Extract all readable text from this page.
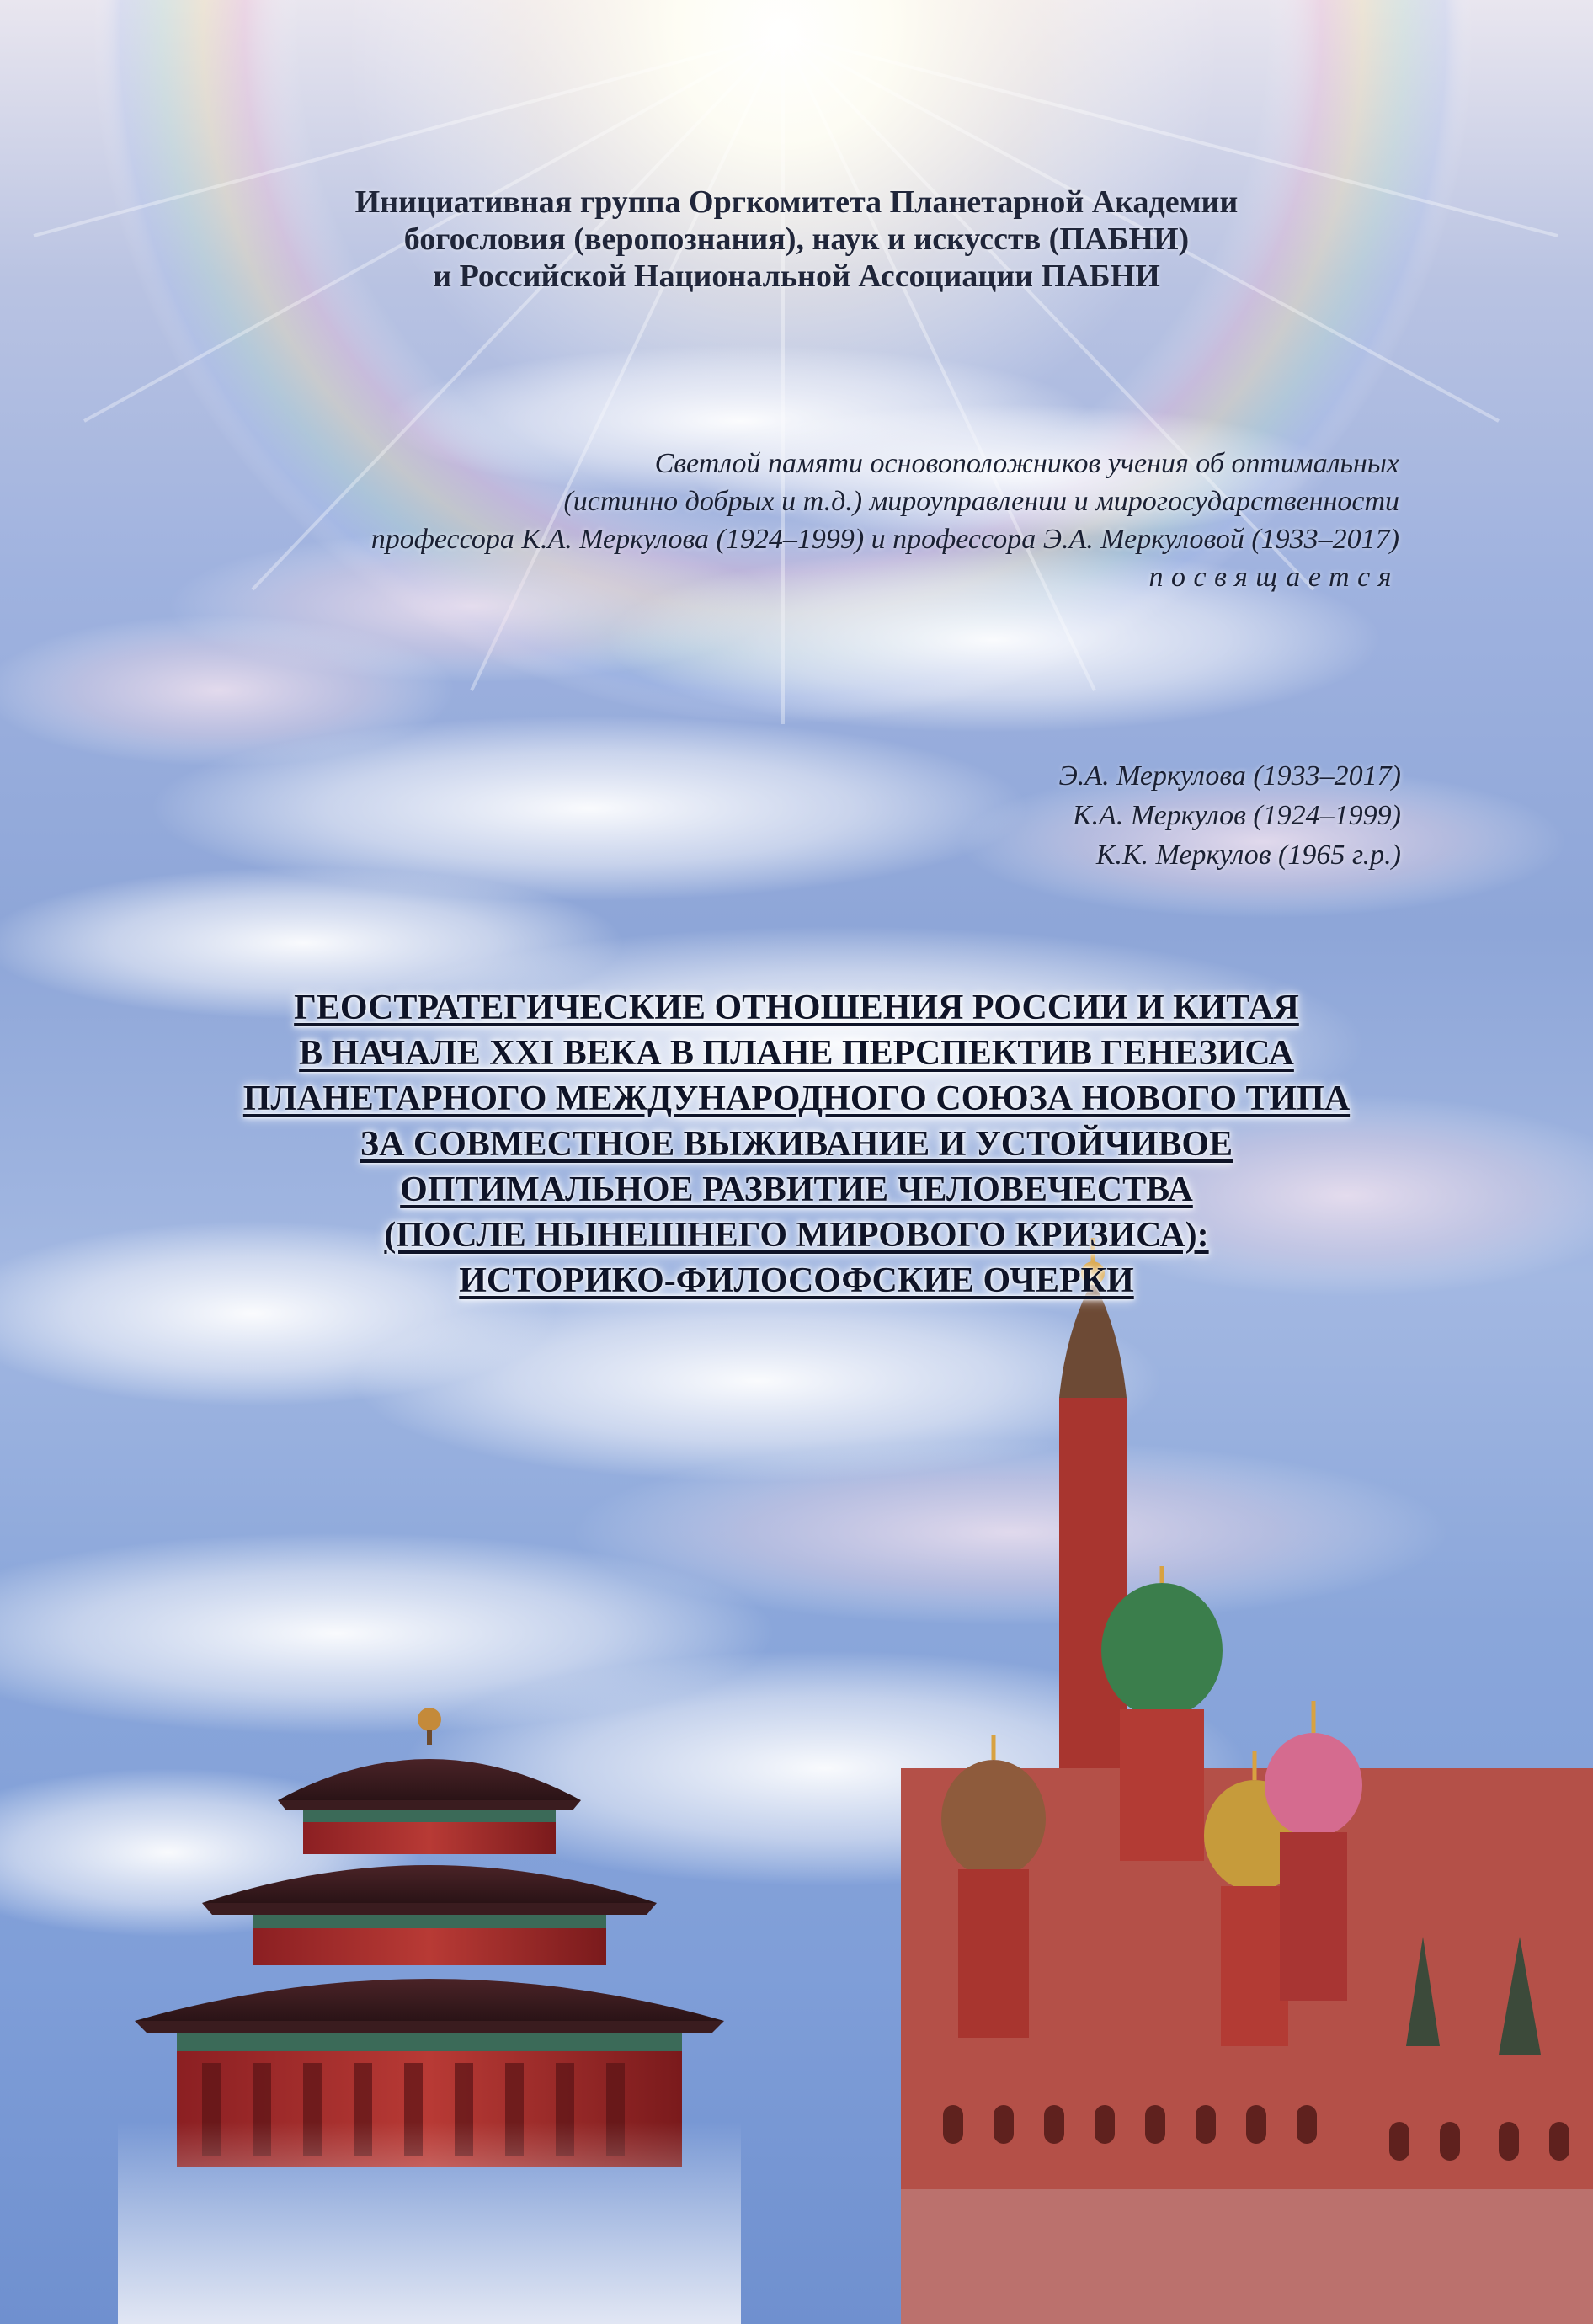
Инициативная группа Оргкомитета Планетарной Академии
богословия (веропознания), наук и искусств (ПАБНИ)
и Российской Национальной Ассоциации ПАБНИ
Светлой памяти основоположников учения об оптимальных
(истинно добрых и т.д.) мироуправлении и мирогосударственности
профессора К.А. Меркулова (1924–1999) и профессора Э.А. Меркуловой (1933–2017)
посвящается
Э.А. Меркулова (1933–2017)
К.А. Меркулов (1924–1999)
К.К. Меркулов (1965 г.р.)
ГЕОСТРАТЕГИЧЕСКИЕ ОТНОШЕНИЯ РОССИИ И КИТАЯ
В НАЧАЛЕ XXI ВЕКА В ПЛАНЕ ПЕРСПЕКТИВ ГЕНЕЗИСА
ПЛАНЕТАРНОГО МЕЖДУНАРОДНОГО СОЮЗА НОВОГО ТИПА
ЗА СОВМЕСТНОЕ ВЫЖИВАНИЕ И УСТОЙЧИВОЕ
ОПТИМАЛЬНОЕ РАЗВИТИЕ ЧЕЛОВЕЧЕСТВА
(ПОСЛЕ НЫНЕШНЕГО МИРОВОГО КРИЗИСА):
ИСТОРИКО-ФИЛОСОФСКИЕ ОЧЕРКИ
